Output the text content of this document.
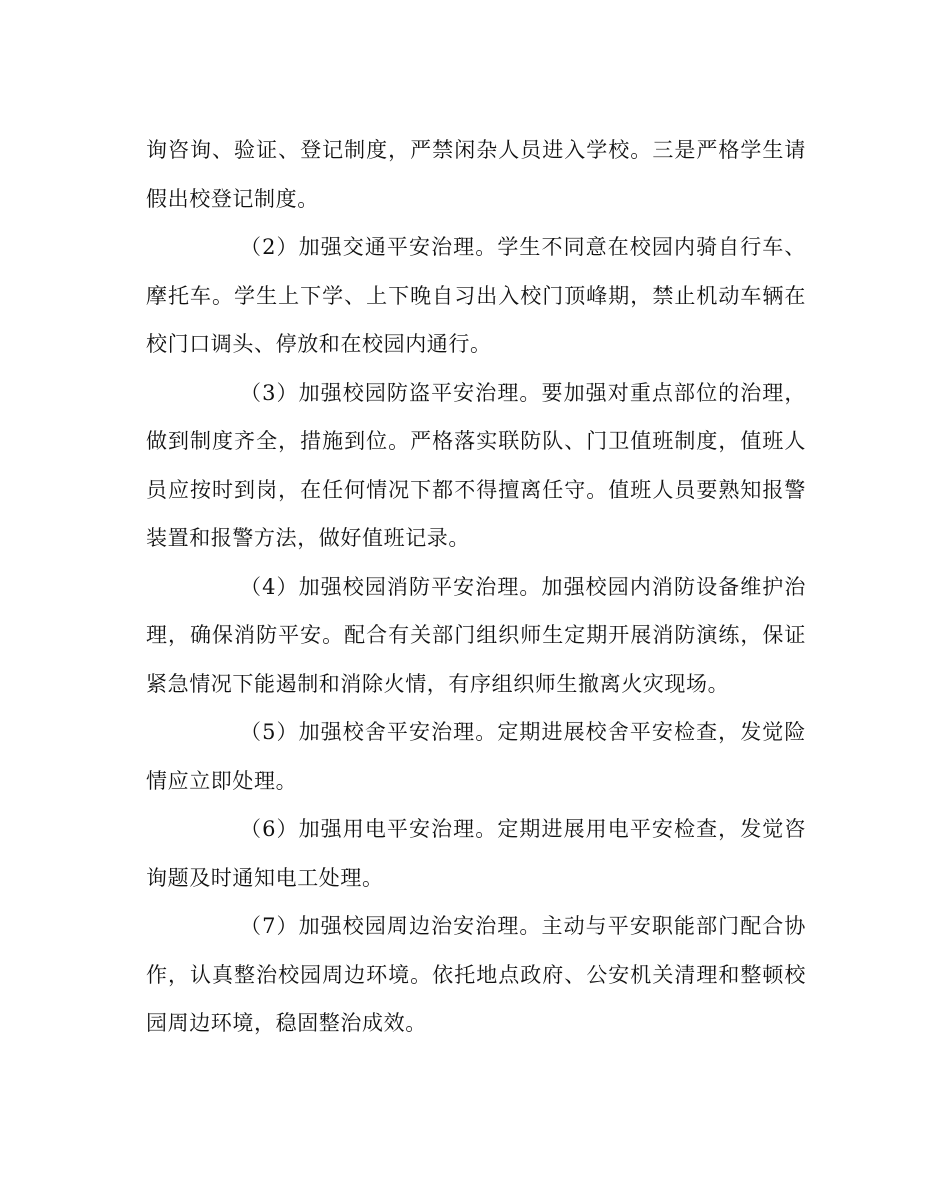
询咨询、验证、登记制度，严禁闲杂人员进入学校。三是严格学生请假出校登记制度。

（2）加强交通平安治理。学生不同意在校园内骑自行车、摩托车。学生上下学、上下晚自习出入校门顶峰期，禁止机动车辆在校门口调头、停放和在校园内通行。

（3）加强校园防盗平安治理。要加强对重点部位的治理，做到制度齐全，措施到位。严格落实联防队、门卫值班制度，值班人员应按时到岗，在任何情况下都不得擅离任守。值班人员要熟知报警装置和报警方法，做好值班记录。

（4）加强校园消防平安治理。加强校园内消防设备维护治理，确保消防平安。配合有关部门组织师生定期开展消防演练，保证紧急情况下能遏制和消除火情，有序组织师生撤离火灾现场。

（5）加强校舍平安治理。定期进展校舍平安检查，发觉险情应立即处理。

（6）加强用电平安治理。定期进展用电平安检查，发觉咨询题及时通知电工处理。

（7）加强校园周边治安治理。主动与平安职能部门配合协作，认真整治校园周边环境。依托地点政府、公安机关清理和整顿校园周边环境，稳固整治成效。
